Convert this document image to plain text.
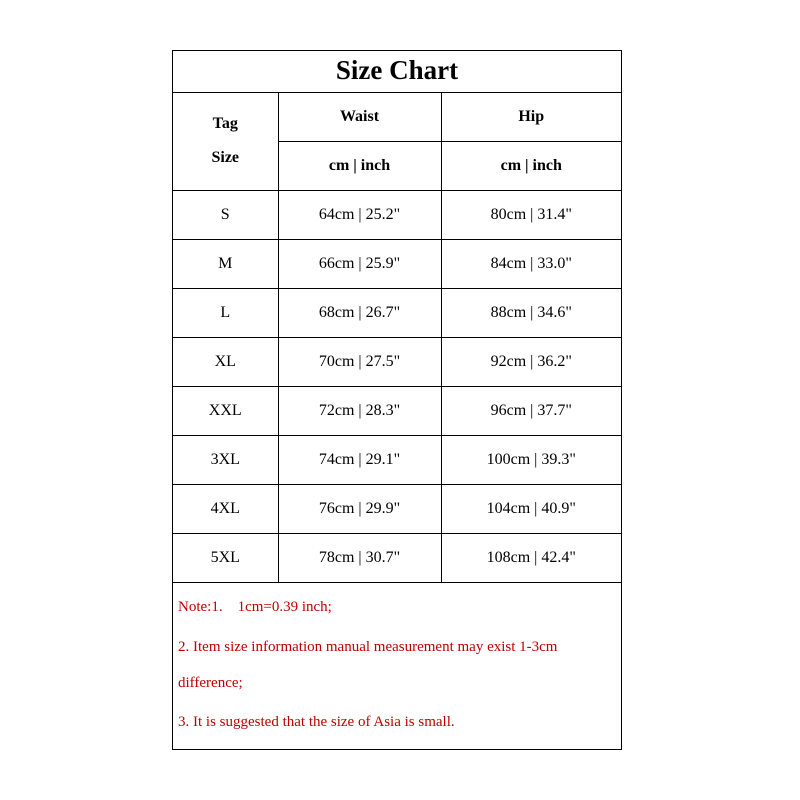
Size Chart
Tag
Size	Waist	Hip
	cm | inch	cm | inch
S	64cm | 25.2"	80cm | 31.4"
M	66cm | 25.9"	84cm | 33.0"
L	68cm | 26.7"	88cm | 34.6"
XL	70cm | 27.5"	92cm | 36.2"
XXL	72cm | 28.3"	96cm | 37.7"
3XL	74cm | 29.1"	100cm | 39.3"
4XL	76cm | 29.9"	104cm | 40.9"
5XL	78cm | 30.7"	108cm | 42.4"
Note:1.    1cm=0.39 inch;
2. Item size information manual measurement may exist 1-3cm
difference;
3. It is suggested that the size of Asia is small.
